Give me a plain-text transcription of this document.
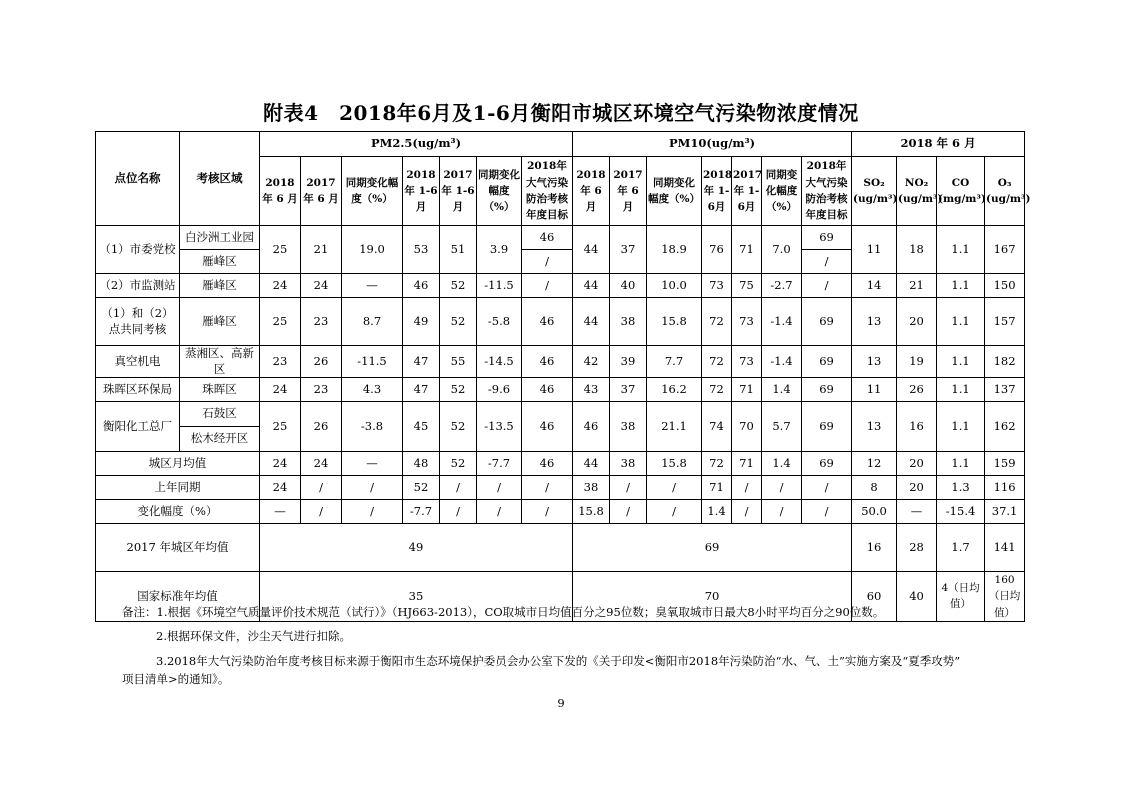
附表4　2018年6月及1-6月衡阳市城区环境空气污染物浓度情况
点位名称	考核区域	PM2.5(ug/m³)							PM10(ug/m³)							2018 年 6 月			
		2018 年 6 月	2017 年 6 月	同期变化幅度（%）	2018年 1-6月	2017年 1-6月	同期变化幅度（%）	2018年大气污染防治考核年度目标	2018 年 6 月	2017 年 6 月	同期变化幅度（%）	2018年 1-6月	2017年 1-6月	同期变化幅度（%）	2018年大气污染防治考核年度目标	SO₂ (ug/m³)	NO₂ (ug/m³)	CO (mg/m³)	O₃ (ug/m³)
（1）市委党校	白沙洲工业园	25	21	19.0	53	51	3.9	46	44	37	18.9	76	71	7.0	69	11	18	1.1	167
	雁峰区							/							/				
（2）市监测站	雁峰区	24	24	—	46	52	-11.5	/	44	40	10.0	73	75	-2.7	/	14	21	1.1	150
（1）和（2）点共同考核	雁峰区	25	23	8.7	49	52	-5.8	46	44	38	15.8	72	73	-1.4	69	13	20	1.1	157
真空机电	蒸湘区、高新区	23	26	-11.5	47	55	-14.5	46	42	39	7.7	72	73	-1.4	69	13	19	1.1	182
珠晖区环保局	珠晖区	24	23	4.3	47	52	-9.6	46	43	37	16.2	72	71	1.4	69	11	26	1.1	137
衡阳化工总厂	石鼓区	25	26	-3.8	45	52	-13.5	46	46	38	21.1	74	70	5.7	69	13	16	1.1	162
	松木经开区																		
城区月均值		24	24	—	48	52	-7.7	46	44	38	15.8	72	71	1.4	69	12	20	1.1	159
上年同期		24	/	/	52	/	/	/	38	/	/	71	/	/	/	8	20	1.3	116
变化幅度（%）		—	/	/	-7.7	/	/	/	15.8	/	/	1.4	/	/	/	50.0	—	-15.4	37.1
2017 年城区年均值		49							69							16	28	1.7	141
国家标准年均值		35							70							60	40	4（日均值）	160（日均值）

备注：1.根据《环境空气质量评价技术规范（试行）》（HJ663-2013），CO取城市日均值百分之95位数；臭氧取城市日最大8小时平均百分之90位数。

2.根据环保文件，沙尘天气进行扣除。

3.2018年大气污染防治年度考核目标来源于衡阳市生态环境保护委员会办公室下发的《关于印发<衡阳市2018年污染防治“水、气、土”实施方案及“夏季攻势”

项目清单>的通知》。

9
